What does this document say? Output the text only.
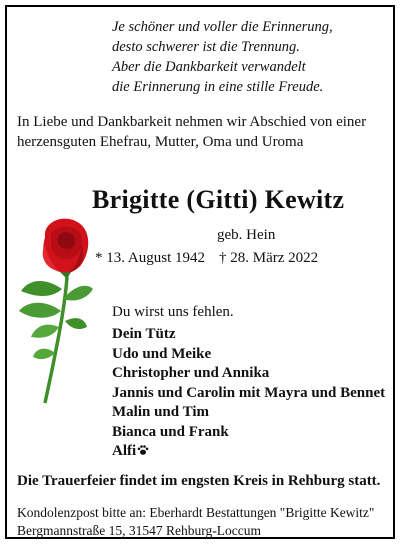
Je schöner und voller die Erinnerung,
desto schwerer ist die Trennung.
Aber die Dankbarkeit verwandelt
die Erinnerung in eine stille Freude.
In Liebe und Dankbarkeit nehmen wir Abschied von einer
herzensguten Ehefrau, Mutter, Oma und Uroma
Brigitte (Gitti) Kewitz
geb. Hein
* 13. August 1942 † 28. März 2022
Du wirst uns fehlen.
Dein Tütz
Udo und Meike
Christopher und Annika
Jannis und Carolin mit Mayra und Bennet
Malin und Tim
Bianca und Frank
Alfi
Die Trauerfeier findet im engsten Kreis in Rehburg statt.
Kondolenzpost bitte an: Eberhardt Bestattungen "Brigitte Kewitz"
Bergmannstraße 15, 31547 Rehburg-Loccum
